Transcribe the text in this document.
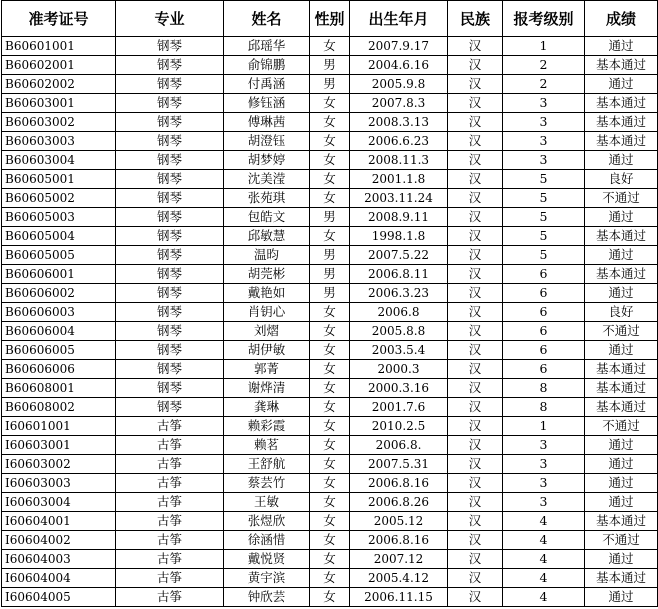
准考证号	专业	姓名	性别	出生年月	民族	报考级别	成绩
B60601001	钢琴	邱瑶华	女	2007.9.17	汉	1	通过
B60602001	钢琴	俞锦鹏	男	2004.6.16	汉	2	基本通过
B60602002	钢琴	付禹涵	男	2005.9.8	汉	2	通过
B60603001	钢琴	修钰涵	女	2007.8.3	汉	3	基本通过
B60603002	钢琴	傅琳茜	女	2008.3.13	汉	3	基本通过
B60603003	钢琴	胡澄钰	女	2006.6.23	汉	3	基本通过
B60603004	钢琴	胡梦婷	女	2008.11.3	汉	3	通过
B60605001	钢琴	沈美滢	女	2001.1.8	汉	5	良好
B60605002	钢琴	张苑琪	女	2003.11.24	汉	5	不通过
B60605003	钢琴	包皓文	男	2008.9.11	汉	5	通过
B60605004	钢琴	邱敏慧	女	1998.1.8	汉	5	基本通过
B60605005	钢琴	温昀	男	2007.5.22	汉	5	通过
B60606001	钢琴	胡莞彬	男	2006.8.11	汉	6	基本通过
B60606002	钢琴	戴艳如	男	2006.3.23	汉	6	通过
B60606003	钢琴	肖钥心	女	2006.8	汉	6	良好
B60606004	钢琴	刘熠	女	2005.8.8	汉	6	不通过
B60606005	钢琴	胡伊敏	女	2003.5.4	汉	6	通过
B60606006	钢琴	郭菁	女	2000.3	汉	6	基本通过
B60608001	钢琴	谢烨清	女	2000.3.16	汉	8	基本通过
B60608002	钢琴	龚琳	女	2001.7.6	汉	8	基本通过
I60601001	古筝	赖彩霞	女	2010.2.5	汉	1	不通过
I60603001	古筝	赖茗	女	2006.8.	汉	3	通过
I60603002	古筝	王舒航	女	2007.5.31	汉	3	通过
I60603003	古筝	蔡芸竹	女	2006.8.16	汉	3	通过
I60603004	古筝	王敏	女	2006.8.26	汉	3	通过
I60604001	古筝	张煜欣	女	2005.12	汉	4	基本通过
I60604002	古筝	徐涵惜	女	2006.8.16	汉	4	不通过
I60604003	古筝	戴悦贤	女	2007.12	汉	4	通过
I60604004	古筝	黄宇滨	女	2005.4.12	汉	4	基本通过
I60604005	古筝	钟欣芸	女	2006.11.15	汉	4	通过
